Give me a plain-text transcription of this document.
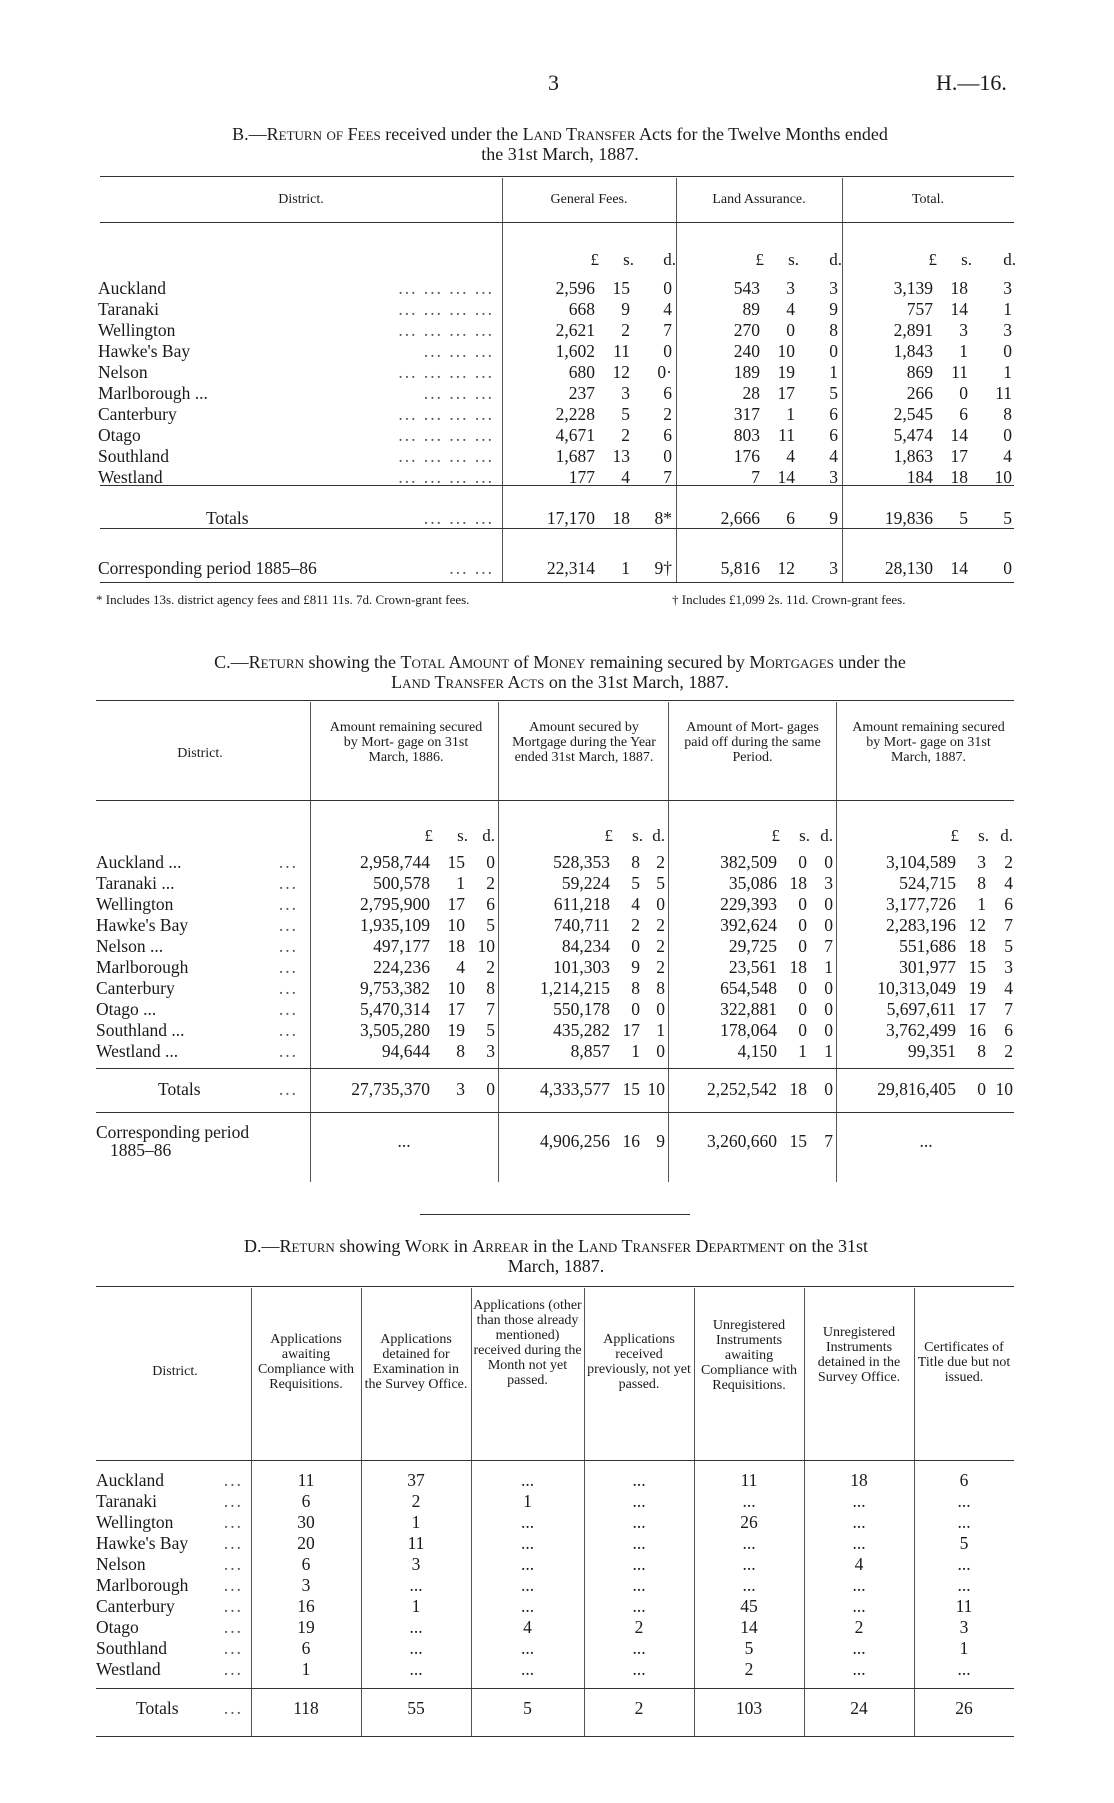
3	H.—16.
B.—Return of Fees received under the Land Transfer Acts for the Twelve Months ended
the 31st March, 1887.
District.	General Fees.	Land Assurance.	Total.
	£	s.	d.	£	s.	d.	£	s.	d.
Auckland ... ... ... ...	2,596	15	0	543	3	3	3,139	18	3
Taranaki ... ... ... ...	668	9	4	89	4	9	757	14	1
Wellington ... ... ... ...	2,621	2	7	270	0	8	2,891	3	3
Hawke's Bay ... ... ...	1,602	11	0	240	10	0	1,843	1	0
Nelson ... ... ... ...	680	12	0·	189	19	1	869	11	1
Marlborough ... ... ... ...	237	3	6	28	17	5	266	0	11
Canterbury ... ... ... ...	2,228	5	2	317	1	6	2,545	6	8
Otago ... ... ... ...	4,671	2	6	803	11	6	5,474	14	0
Southland ... ... ... ...	1,687	13	0	176	4	4	1,863	17	4
Westland ... ... ... ...	177	4	7	7	14	3	184	18	10
Totals ... ... ...	17,170	18	8*	2,666	6	9	19,836	5	5
Corresponding period 1885–86 ... ...	22,314	1	9†	5,816	12	3	28,130	14	0
* Includes 13s. district agency fees and £811 11s. 7d. Crown-grant fees.	† Includes £1,099 2s. 11d. Crown-grant fees.
C.—Return showing the Total Amount of Money remaining secured by Mortgages under the
Land Transfer Acts on the 31st March, 1887.
District.
Amount remaining secured by Mort- gage on 31st March, 1886.
Amount secured by Mortgage during the Year ended 31st March, 1887.
Amount of Mort- gages paid off during the same Period.
Amount remaining secured by Mort- gage on 31st March, 1887.
	£	s.	d.	£	s.	d.	£	s.	d.	£	s.	d.
Auckland ... ...	2,958,744	15	0	528,353	8	2	382,509	0	0	3,104,589	3	2
Taranaki ... ...	500,578	1	2	59,224	5	5	35,086	18	3	524,715	8	4
Wellington ...	2,795,900	17	6	611,218	4	0	229,393	0	0	3,177,726	1	6
Hawke's Bay ...	1,935,109	10	5	740,711	2	2	392,624	0	0	2,283,196	12	7
Nelson ... ...	497,177	18	10	84,234	0	2	29,725	0	7	551,686	18	5
Marlborough ...	224,236	4	2	101,303	9	2	23,561	18	1	301,977	15	3
Canterbury ...	9,753,382	10	8	1,214,215	8	8	654,548	0	0	10,313,049	19	4
Otago ... ...	5,470,314	17	7	550,178	0	0	322,881	0	0	5,697,611	17	7
Southland ... ...	3,505,280	19	5	435,282	17	1	178,064	0	0	3,762,499	16	6
Westland ... ...	94,644	8	3	8,857	1	0	4,150	1	1	99,351	8	2
Totals ...	27,735,370	3	0	4,333,577	15	10	2,252,542	18	0	29,816,405	0	10
Corresponding period
1885–86	...			4,906,256	16	9	3,260,660	15	7	...		
D.—Return showing Work in Arrear in the Land Transfer Department on the 31st
March, 1887.
District.
Applications awaiting Compliance with Requisitions.
Applications detained for Examination in the Survey Office.
Applications (other than those already mentioned) received during the Month not yet passed.
Applications received previously, not yet passed.
Unregistered Instruments awaiting Compliance with Requisitions.
Unregistered Instruments detained in the Survey Office.
Certificates of Title due but not issued.
Auckland ...	11	37	...	...	11	18	6
Taranaki ...	6	2	1	...	...	...	...
Wellington ...	30	1	...	...	26	...	...
Hawke's Bay ...	20	11	...	...	...	...	5
Nelson ...	6	3	...	...	...	4	...
Marlborough ...	3	...	...	...	...	...	...
Canterbury ...	16	1	...	...	45	...	11
Otago ...	19	...	4	2	14	2	3
Southland ...	6	...	...	...	5	...	1
Westland ...	1	...	...	...	2	...	...
Totals ...	118	55	5	2	103	24	26
